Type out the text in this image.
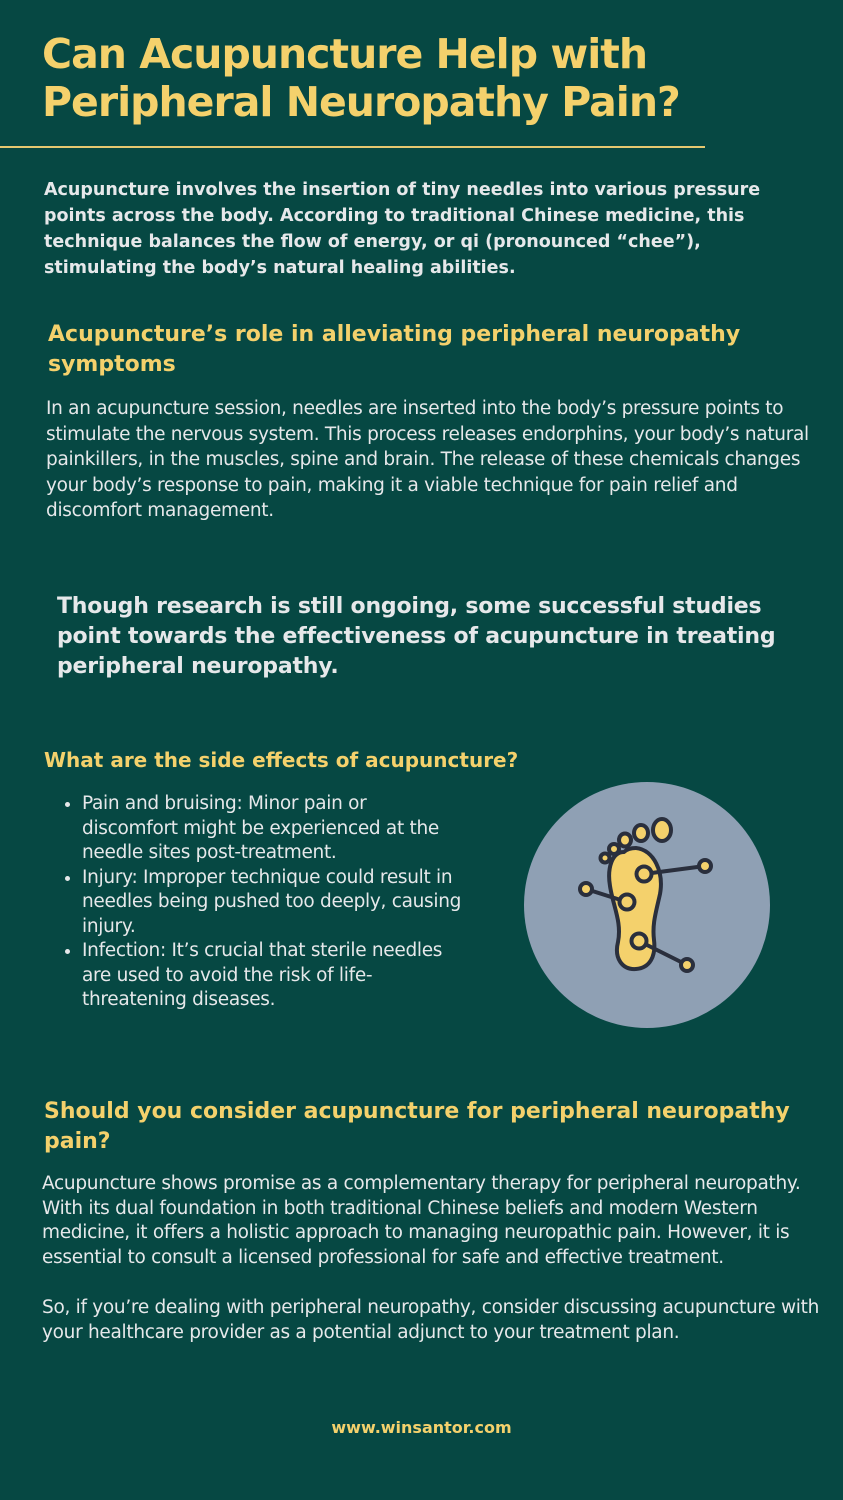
Can Acupuncture Help with Peripheral Neuropathy Pain?

Acupuncture involves the insertion of tiny needles into various pressure points across the body. According to traditional Chinese medicine, this technique balances the flow of energy, or qi (pronounced “chee”), stimulating the body’s natural healing abilities.

Acupuncture’s role in alleviating peripheral neuropathy symptoms

In an acupuncture session, needles are inserted into the body’s pressure points to stimulate the nervous system. This process releases endorphins, your body’s natural painkillers, in the muscles, spine and brain. The release of these chemicals changes your body’s response to pain, making it a viable technique for pain relief and discomfort management.

Though research is still ongoing, some successful studies point towards the effectiveness of acupuncture in treating peripheral neuropathy.

What are the side effects of acupuncture?
• Pain and bruising: Minor pain or discomfort might be experienced at the needle sites post-treatment.
• Injury: Improper technique could result in needles being pushed too deeply, causing injury.
• Infection: It’s crucial that sterile needles are used to avoid the risk of life-threatening diseases.
Should you consider acupuncture for peripheral neuropathy pain?

Acupuncture shows promise as a complementary therapy for peripheral neuropathy. With its dual foundation in both traditional Chinese beliefs and modern Western medicine, it offers a holistic approach to managing neuropathic pain. However, it is essential to consult a licensed professional for safe and effective treatment.

So, if you’re dealing with peripheral neuropathy, consider discussing acupuncture with your healthcare provider as a potential adjunct to your treatment plan.

www.winsantor.com
